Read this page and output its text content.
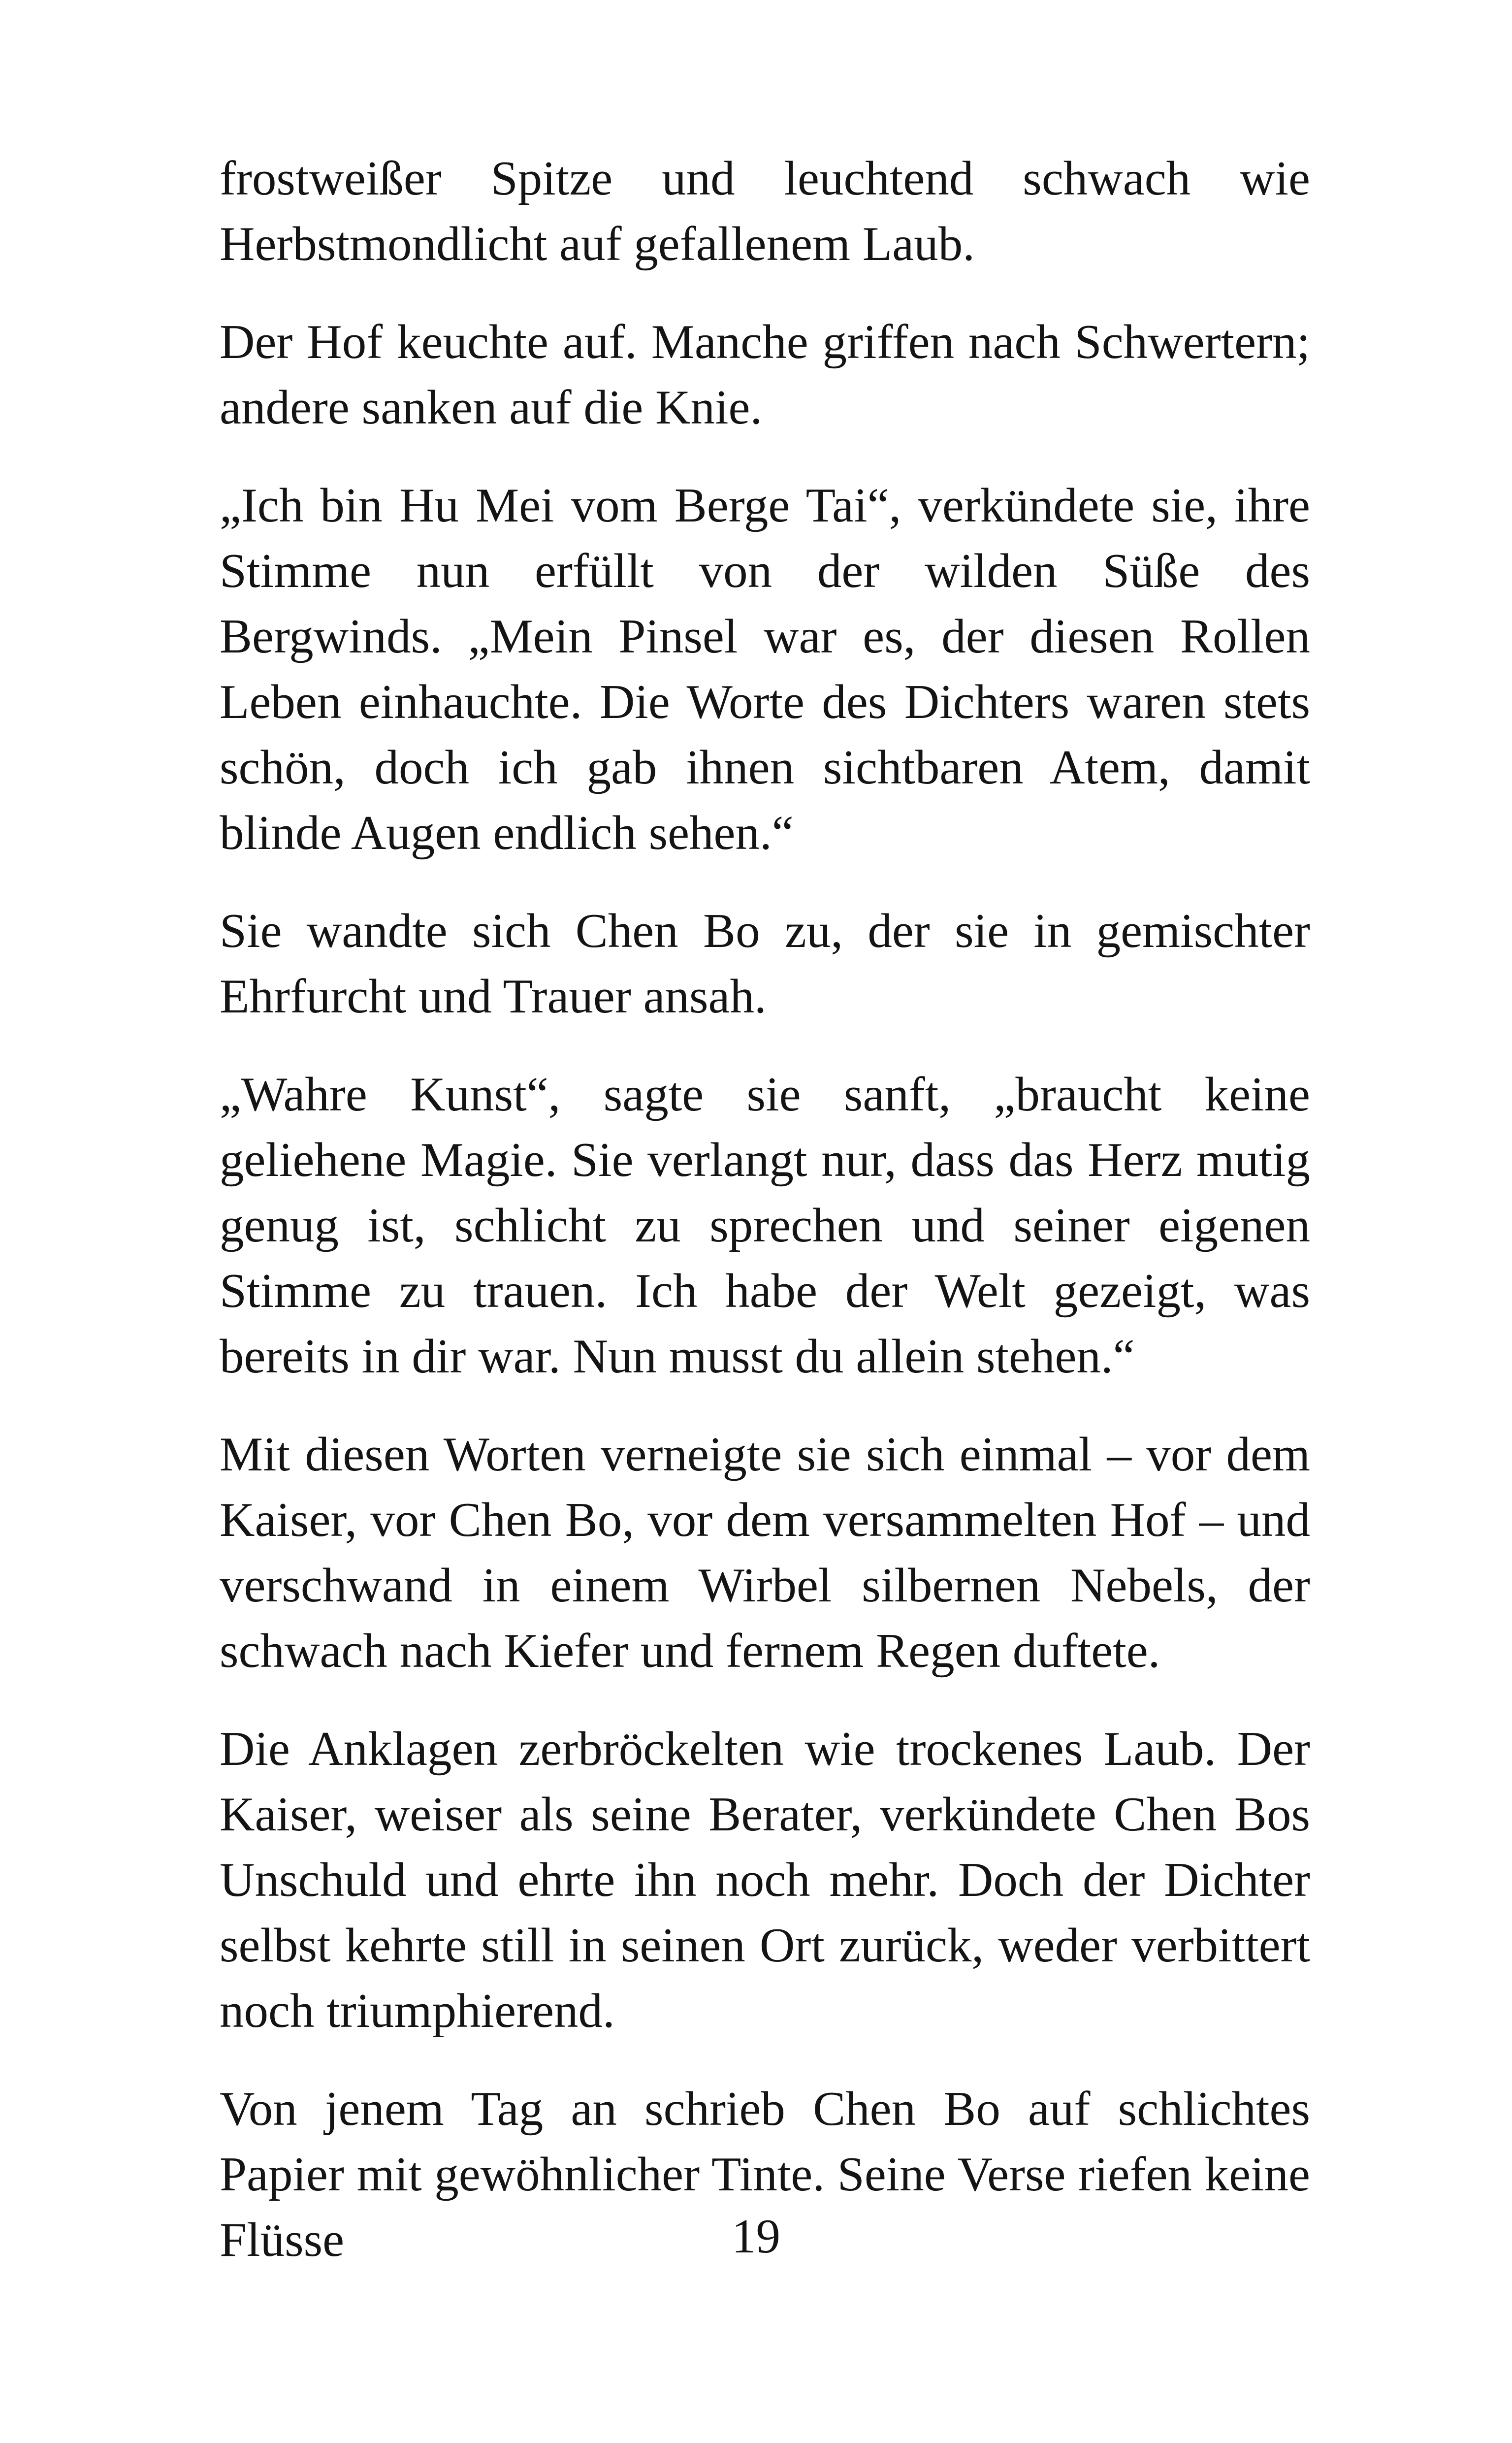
frostweißer Spitze und leuchtend schwach wie Herbstmondlicht auf gefallenem Laub.

Der Hof keuchte auf. Manche griffen nach Schwertern; andere sanken auf die Knie.

„Ich bin Hu Mei vom Berge Tai“, verkündete sie, ihre Stimme nun erfüllt von der wilden Süße des Bergwinds. „Mein Pinsel war es, der diesen Rollen Leben einhauchte. Die Worte des Dichters waren stets schön, doch ich gab ihnen sichtbaren Atem, damit blinde Augen endlich sehen.“

Sie wandte sich Chen Bo zu, der sie in gemischter Ehrfurcht und Trauer ansah.

„Wahre Kunst“, sagte sie sanft, „braucht keine geliehene Magie. Sie verlangt nur, dass das Herz mutig genug ist, schlicht zu sprechen und seiner eigenen Stimme zu trauen. Ich habe der Welt gezeigt, was bereits in dir war. Nun musst du allein stehen.“

Mit diesen Worten verneigte sie sich einmal – vor dem Kaiser, vor Chen Bo, vor dem versammelten Hof – und verschwand in einem Wirbel silbernen Nebels, der schwach nach Kiefer und fernem Regen duftete.

Die Anklagen zerbröckelten wie trockenes Laub. Der Kaiser, weiser als seine Berater, verkündete Chen Bos Unschuld und ehrte ihn noch mehr. Doch der Dichter selbst kehrte still in seinen Ort zurück, weder verbittert noch triumphierend.

Von jenem Tag an schrieb Chen Bo auf schlichtes Papier mit gewöhnlicher Tinte. Seine Verse riefen keine Flüsse	19
